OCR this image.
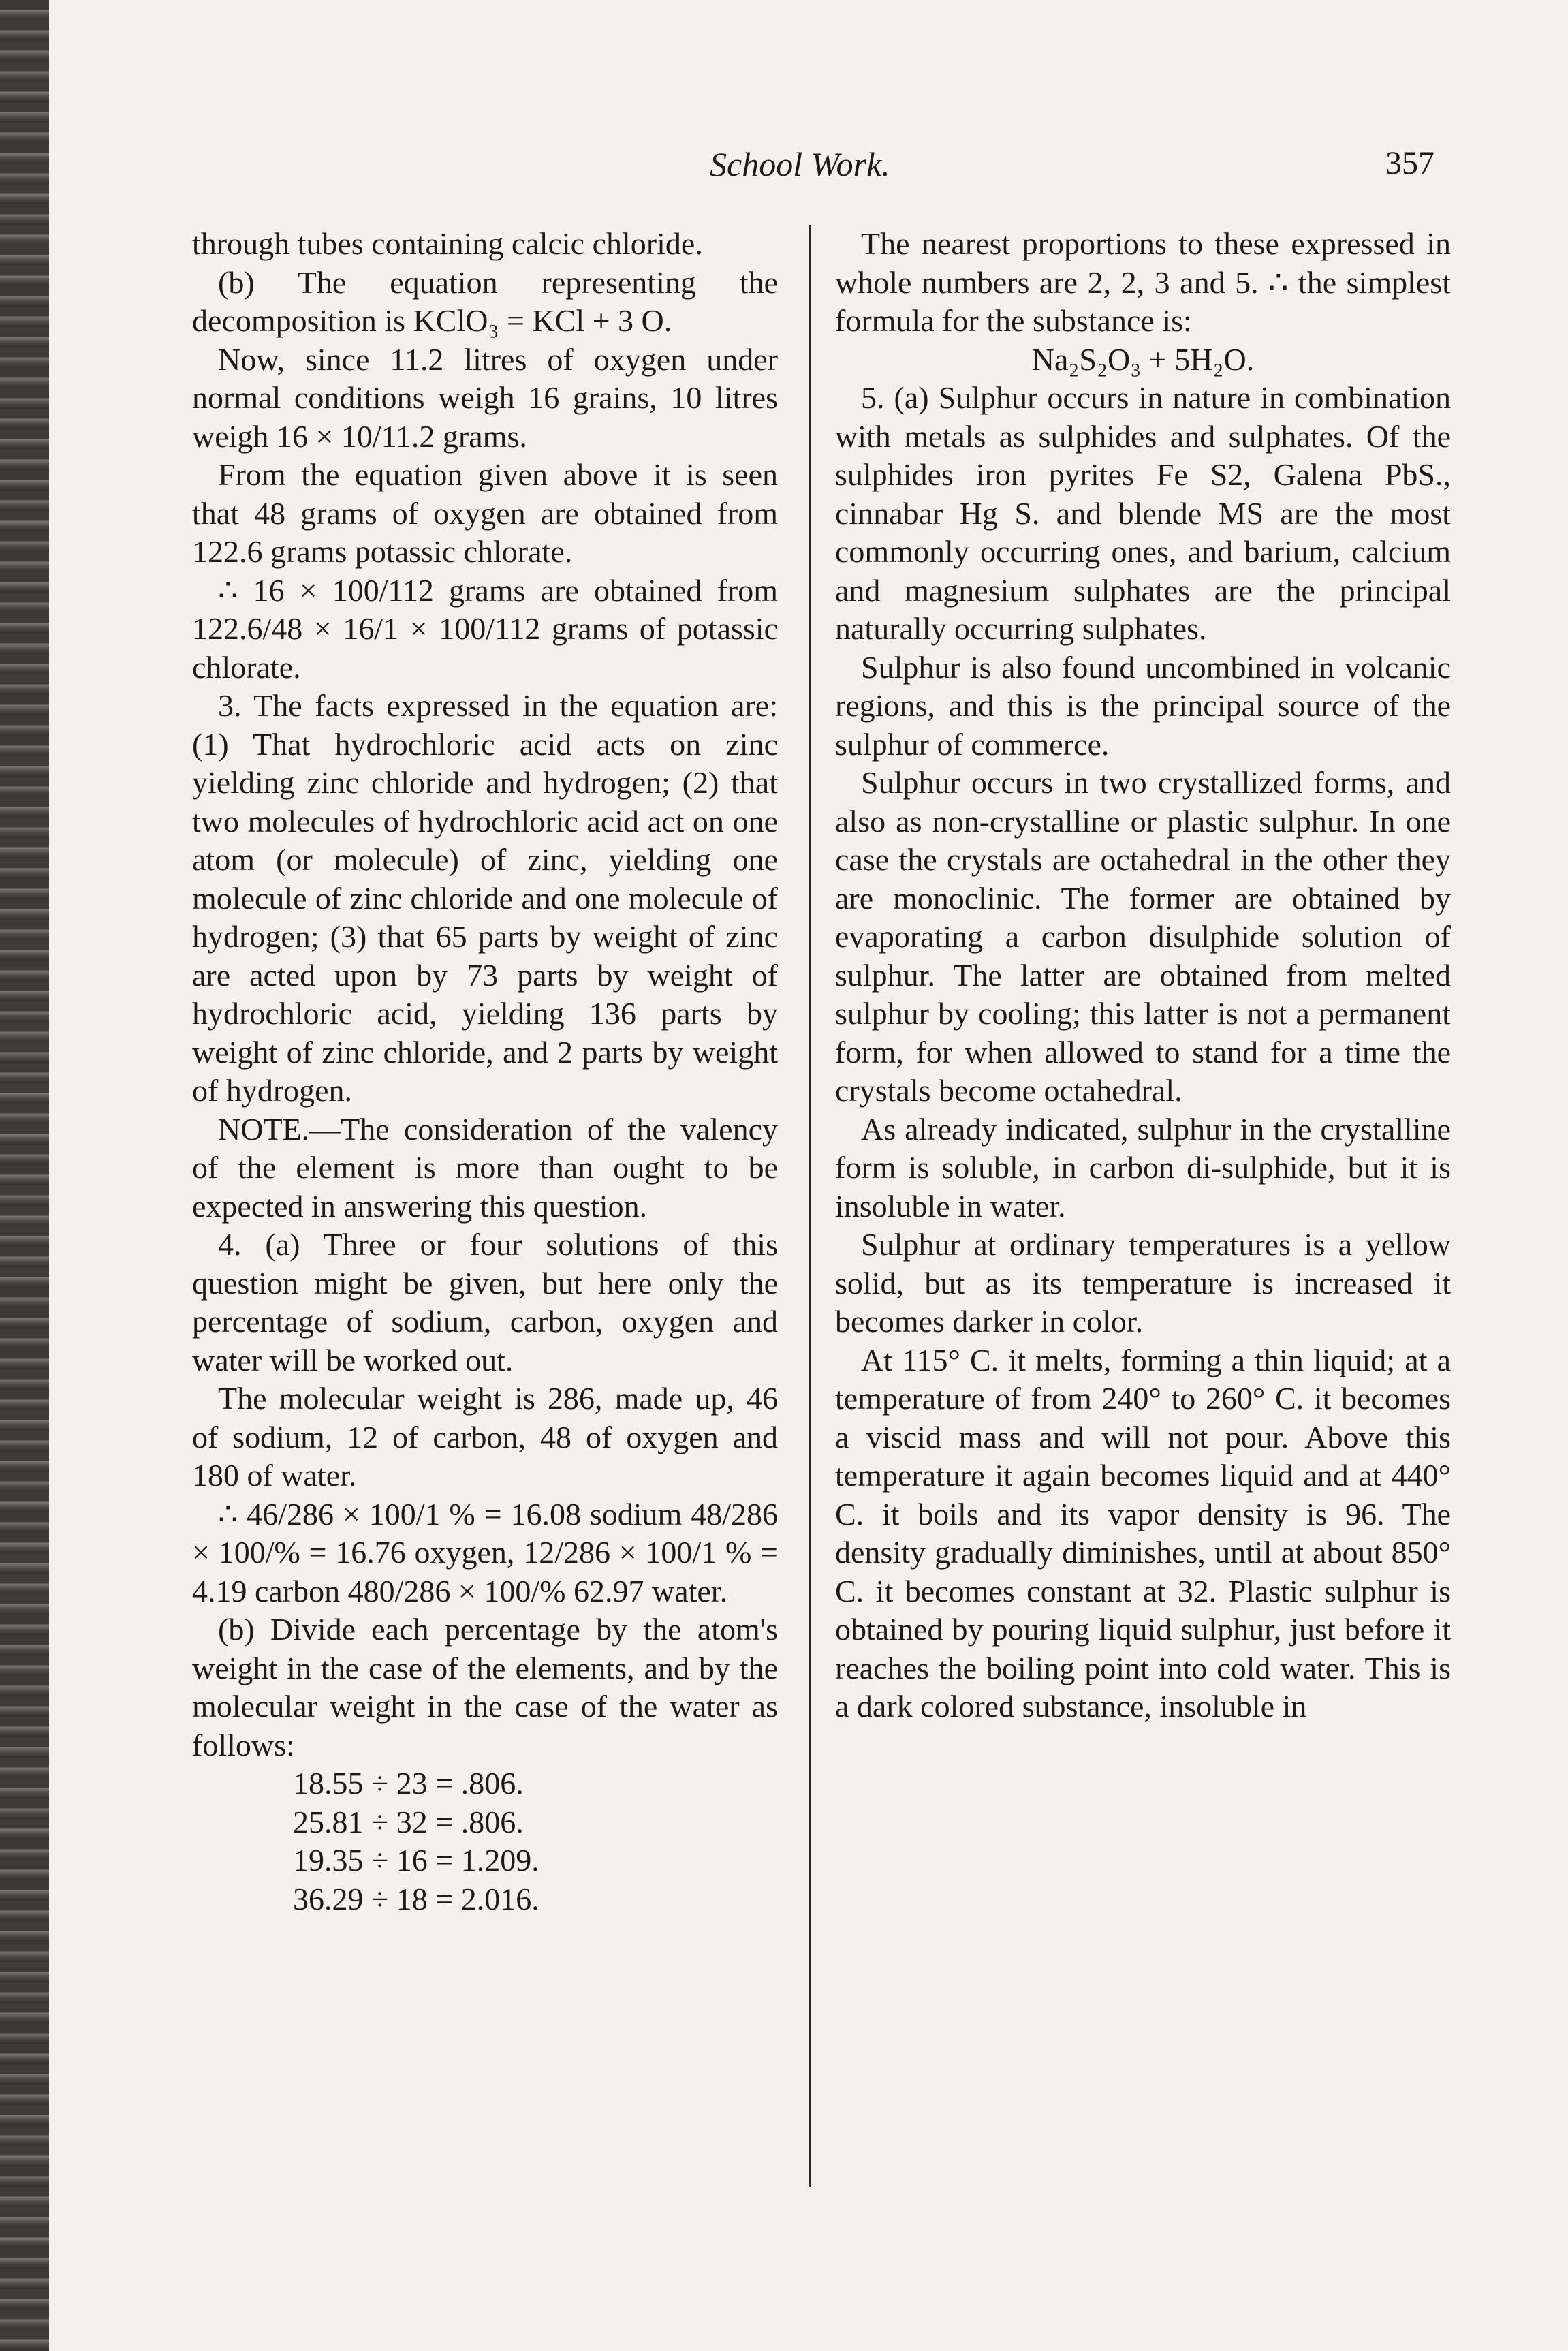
School Work.	357

through tubes containing calcic chloride.

(b) The equation representing the decomposition is KClO₃ = KCl + 3 O.

Now, since 11.2 litres of oxygen under normal conditions weigh 16 grains, 10 litres weigh 16 × 10/11.2 grams.

From the equation given above it is seen that 48 grams of oxygen are obtained from 122.6 grams potassic chlorate.

∴ 16 × 100/112 grams are obtained from 122.6/48 × 16/1 × 100/112 grams of potassic chlorate.

3. The facts expressed in the equation are: (1) That hydrochloric acid acts on zinc yielding zinc chloride and hydrogen; (2) that two molecules of hydrochloric acid act on one atom (or molecule) of zinc, yielding one molecule of zinc chloride and one molecule of hydrogen; (3) that 65 parts by weight of zinc are acted upon by 73 parts by weight of hydrochloric acid, yielding 136 parts by weight of zinc chloride, and 2 parts by weight of hydrogen.

NOTE.—The consideration of the valency of the element is more than ought to be expected in answering this question.

4. (a) Three or four solutions of this question might be given, but here only the percentage of sodium, carbon, oxygen and water will be worked out.

The molecular weight is 286, made up, 46 of sodium, 12 of carbon, 48 of oxygen and 180 of water.

∴ 46/286 × 100/1 % = 16.08 sodium 48/286 × 100/% = 16.76 oxygen, 12/286 × 100/1 % = 4.19 carbon 480/286 × 100/% 62.97 water.

(b) Divide each percentage by the atom's weight in the case of the elements, and by the molecular weight in the case of the water as follows:

18.55 ÷ 23 = .806.

25.81 ÷ 32 = .806.

19.35 ÷ 16 = 1.209.

36.29 ÷ 18 = 2.016.

The nearest proportions to these expressed in whole numbers are 2, 2, 3 and 5. ∴ the simplest formula for the substance is:

Na₂S₂O₃ + 5H₂O.

5. (a) Sulphur occurs in nature in combination with metals as sulphides and sulphates. Of the sulphides iron pyrites Fe S2, Galena PbS., cinnabar Hg S. and blende MS are the most commonly occurring ones, and barium, calcium and magnesium sulphates are the principal naturally occurring sulphates.

Sulphur is also found uncombined in volcanic regions, and this is the principal source of the sulphur of commerce.

Sulphur occurs in two crystallized forms, and also as non-crystalline or plastic sulphur. In one case the crystals are octahedral in the other they are monoclinic. The former are obtained by evaporating a carbon disulphide solution of sulphur. The latter are obtained from melted sulphur by cooling; this latter is not a permanent form, for when allowed to stand for a time the crystals become octahedral.

As already indicated, sulphur in the crystalline form is soluble, in carbon di-sulphide, but it is insoluble in water.

Sulphur at ordinary temperatures is a yellow solid, but as its temperature is increased it becomes darker in color.

At 115° C. it melts, forming a thin liquid; at a temperature of from 240° to 260° C. it becomes a viscid mass and will not pour. Above this temperature it again becomes liquid and at 440° C. it boils and its vapor density is 96. The density gradually diminishes, until at about 850° C. it becomes constant at 32. Plastic sulphur is obtained by pouring liquid sulphur, just before it reaches the boiling point into cold water. This is a dark colored substance, insoluble in
